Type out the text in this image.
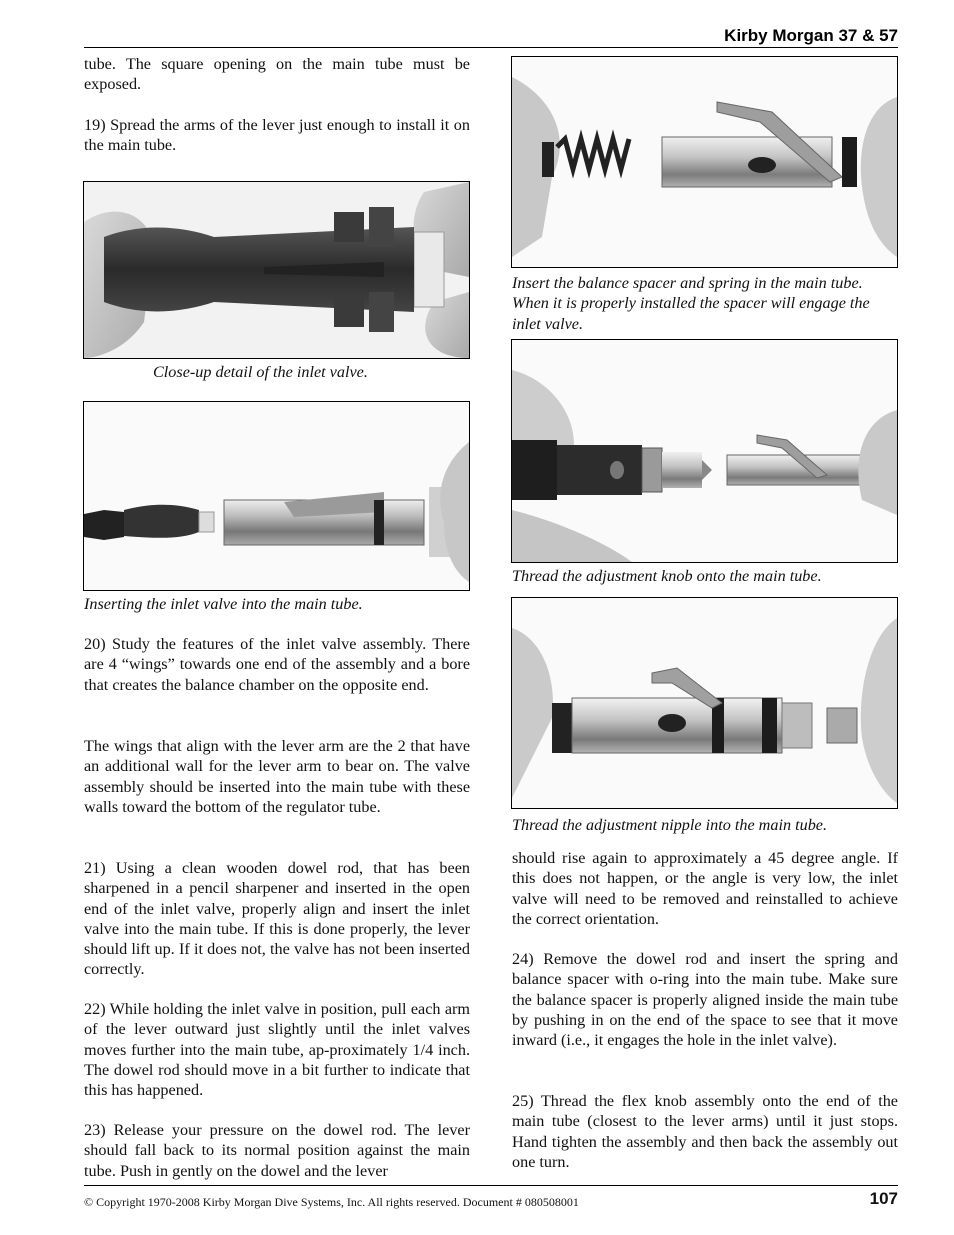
Kirby Morgan 37 & 57

tube. The square opening on the main tube must be exposed.

19) Spread the arms of the lever just enough to install it on the main tube.

Close-up detail of the inlet valve.

Inserting the inlet valve into the main tube.

20) Study the features of the inlet valve assembly. There are 4 “wings” towards one end of the assembly and a bore that creates the balance chamber on the opposite end.

The wings that align with the lever arm are the 2 that have an additional wall for the lever arm to bear on. The valve assembly should be inserted into the main tube with these walls toward the bottom of the regulator tube.

21) Using a clean wooden dowel rod, that has been sharpened in a pencil sharpener and inserted in the open end of the inlet valve, properly align and insert the inlet valve into the main tube. If this is done properly, the lever should lift up. If it does not, the valve has not been inserted correctly.

22) While holding the inlet valve in position, pull each arm of the lever outward just slightly until the inlet valves moves further into the main tube, ap-proximately 1/4 inch. The dowel rod should move in a bit further to indicate that this has happened.

23) Release your pressure on the dowel rod. The lever should fall back to its normal position against the main tube. Push in gently on the dowel and the lever

Insert the balance spacer and spring in the main tube. When it is properly installed the spacer will engage the inlet valve.

Thread the adjustment knob onto the main tube.

Thread the adjustment nipple into the main tube.

should rise again to approximately a 45 degree angle. If this does not happen, or the angle is very low, the inlet valve will need to be removed and reinstalled to achieve the correct orientation.

24) Remove the dowel rod and insert the spring and balance spacer with o-ring into the main tube. Make sure the balance spacer is properly aligned inside the main tube by pushing in on the end of the space to see that it move inward (i.e., it engages the hole in the inlet valve).

25) Thread the flex knob assembly onto the end of the main tube (closest to the lever arms) until it just stops. Hand tighten the assembly and then back the assembly out one turn.

© Copyright 1970-2008 Kirby Morgan Dive Systems, Inc. All rights reserved. Document # 080508001	107
